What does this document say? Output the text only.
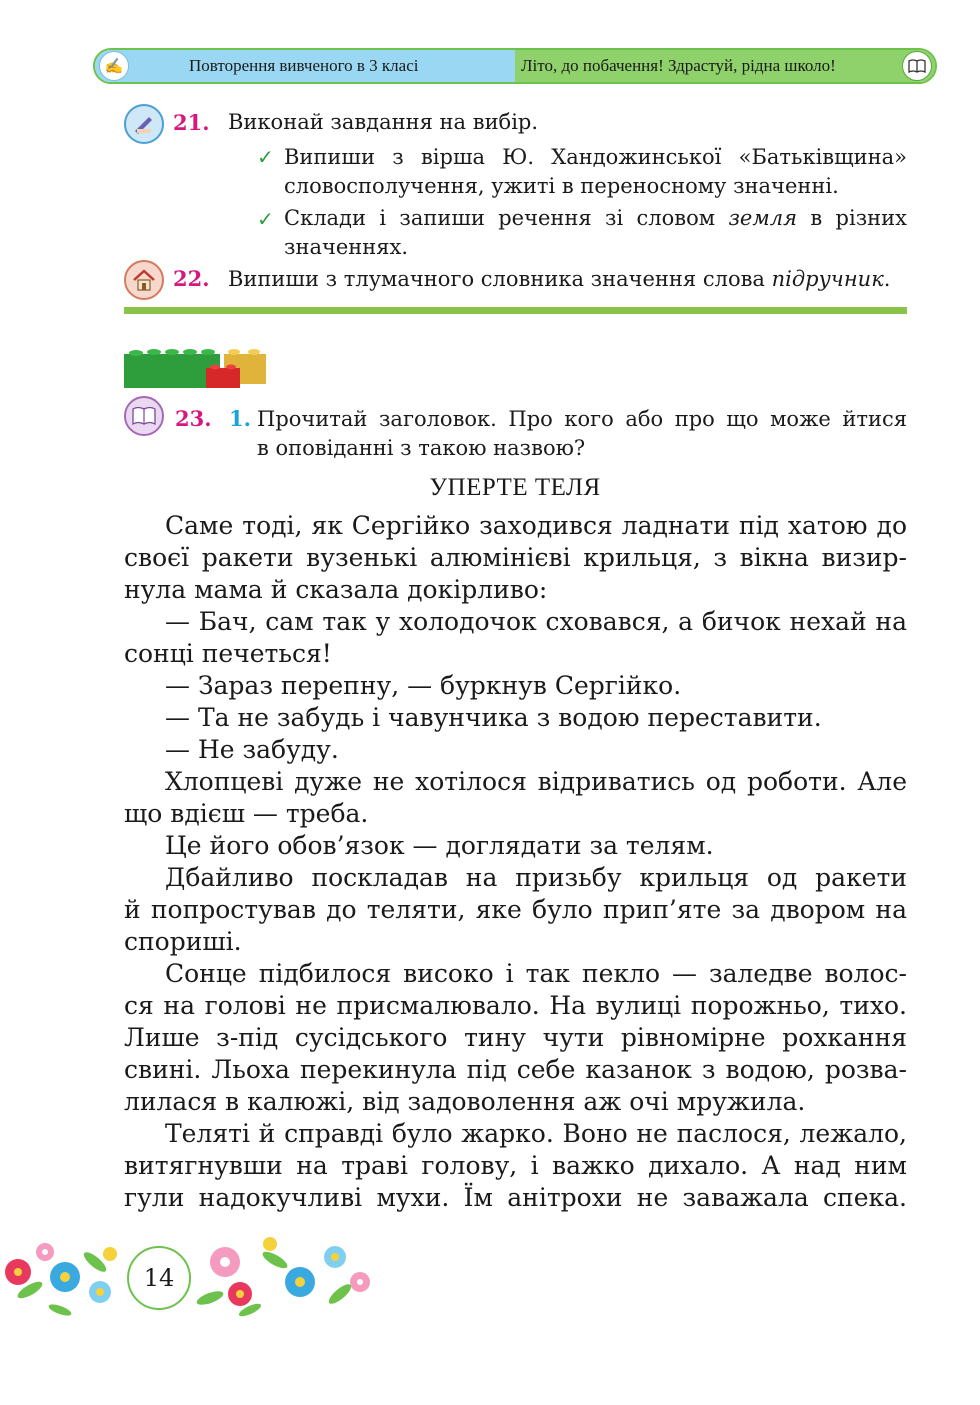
✍	Повторення вивченого в 3 класі	Літо, до побачення! Здрастуй, рідна школо!
21. Виконай завдання на вибір.
✓ Випиши з вірша Ю. Хандожинської «Батьківщина»
словосполучення, ужиті в переносному значенні.
✓ Склади і запиши речення зі словом земля в різних
значеннях.
22. Випиши з тлумачного словника значення слова підручник.
23. 1. Прочитай заголовок. Про кого або про що може йтися
в оповіданні з такою назвою?
УПЕРТЕ ТЕЛЯ
Саме тоді, як Сергійко заходився ладнати під хатою до
своєї ракети вузенькі алюмінієві крильця, з вікна визир-
нула мама й сказала докірливо:
— Бач, сам так у холодочок сховався, а бичок нехай на
сонці печеться!
— Зараз перепну, — буркнув Сергійко.
— Та не забудь і чавунчика з водою переставити.
— Не забуду.
Хлопцеві дуже не хотілося відриватись од роботи. Але
що вдієш — треба.
Це його обов’язок — доглядати за телям.
Дбайливо поскладав на призьбу крильця од ракети
й попростував до теляти, яке було прип’яте за двором на
спориші.
Сонце підбилося високо і так пекло — заледве волос-
ся на голові не присмалювало. На вулиці порожньо, тихо.
Лише з-під сусідського тину чути рівномірне рохкання
свині. Льоха перекинула під себе казанок з водою, розва-
лилася в калюжі, від задоволення аж очі мружила.
Теляті й справді було жарко. Воно не паслося, лежало,
витягнувши на траві голову, і важко дихало. А над ним
гули надокучливі мухи. Їм анітрохи не заважала спека.
14
